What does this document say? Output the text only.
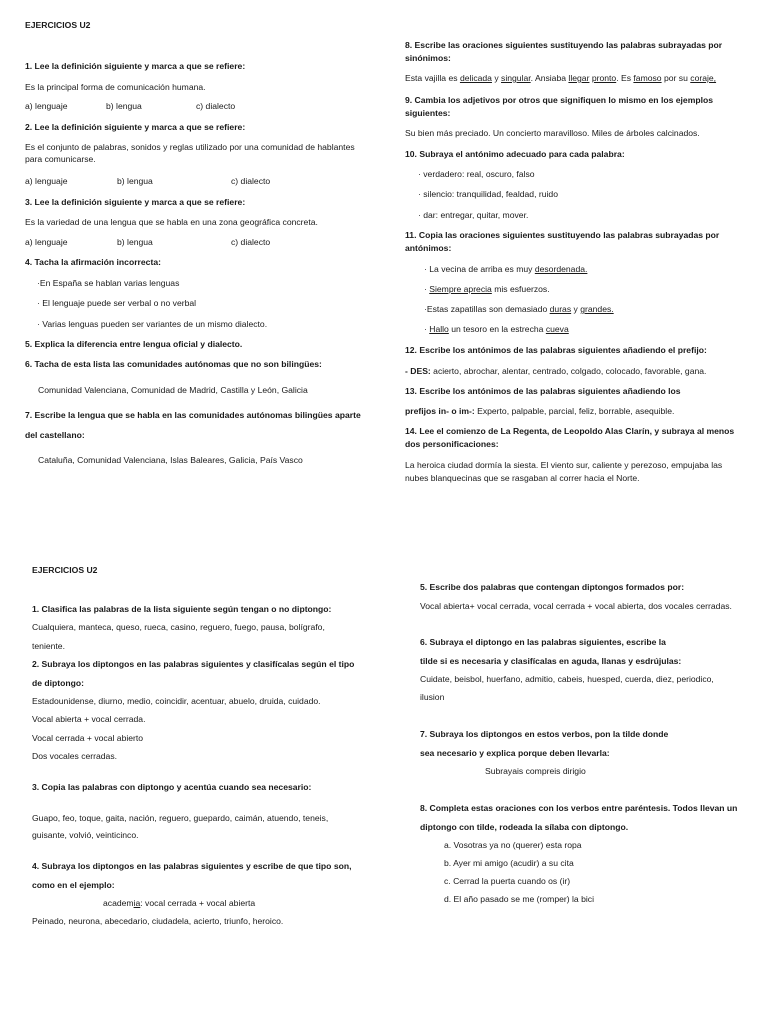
EJERCICIOS U2
1. Lee la definición siguiente y marca a que se refiere:
Es la principal forma de comunicación humana.
a) lenguaje	b) lengua	c) dialecto
2. Lee la definición siguiente y marca a que se refiere:
Es el conjunto de palabras, sonidos y reglas utilizado por una comunidad de hablantes para comunicarse.
a) lenguaje	b) lengua	c) dialecto
3. Lee la definición siguiente y marca a que se refiere:
Es la variedad de una lengua que se habla en una zona geográfica concreta.
a) lenguaje	b) lengua	c) dialecto
4. Tacha la afirmación incorrecta:
·En España se hablan varias lenguas
· El lenguaje puede ser verbal o no verbal
· Varias lenguas pueden ser variantes de un mismo dialecto.
5. Explica la diferencia entre lengua oficial y dialecto.
6. Tacha de esta lista las comunidades autónomas que no son bilingües:
Comunidad Valenciana, Comunidad de Madrid, Castilla y León, Galicia
7. Escribe la lengua que se habla en las comunidades autónomas bilingües aparte
del castellano:
Cataluña, Comunidad Valenciana, Islas Baleares, Galicia, País Vasco
8. Escribe las oraciones siguientes sustituyendo las palabras subrayadas por
sinónimos:
Esta vajilla es delicada y singular. Ansiaba llegar pronto. Es famoso por su coraje,
9. Cambia los adjetivos por otros que signifiquen lo mismo en los ejemplos
siguientes:
Su bien más preciado. Un concierto maravilloso. Miles de árboles calcinados.
10. Subraya el antónimo adecuado para cada palabra:
· verdadero: real, oscuro, falso
· silencio: tranquilidad, fealdad, ruido
· dar: entregar, quitar, mover.
11. Copia las oraciones siguientes sustituyendo las palabras subrayadas por
antónimos:
· La vecina de arriba es muy desordenada.
· Siempre aprecia mis esfuerzos.
·Estas zapatillas son demasiado duras y grandes.
· Hallo un tesoro en la estrecha cueva
12. Escribe los antónimos de las palabras siguientes añadiendo el prefijo:
- DES: acierto, abrochar, alentar, centrado, colgado, colocado, favorable, gana.
13. Escribe los antónimos de las palabras siguientes añadiendo los
prefijos in- o im-: Experto, palpable, parcial, feliz, borrable, asequible.
14. Lee el comienzo de La Regenta, de Leopoldo Alas Clarín, y subraya al menos
dos personificaciones:
La heroica ciudad dormía la siesta. El viento sur, caliente y perezoso, empujaba las
nubes blanquecinas que se rasgaban al correr hacia el Norte.
EJERCICIOS U2
1. Clasifica las palabras de la lista siguiente según tengan o no diptongo:
Cualquiera, manteca, queso, rueca, casino, reguero, fuego, pausa, bolígrafo,
teniente.
2. Subraya los diptongos en las palabras siguientes y clasifícalas según el tipo
de diptongo:
Estadounidense, diurno, medio, coincidir, acentuar, abuelo, druida, cuidado.
Vocal abierta + vocal cerrada.
Vocal cerrada + vocal abierto
Dos vocales cerradas.
3. Copia las palabras con diptongo y acentúa cuando sea necesario:
Guapo, feo, toque, gaita, nación, reguero, guepardo, caimán, atuendo, teneis,
guisante, volvió, veinticinco.
4. Subraya los diptongos en las palabras siguientes y escribe de que tipo son,
como en el ejemplo:
academia: vocal cerrada + vocal abierta
Peinado, neurona, abecedario, ciudadela, acierto, triunfo, heroico.
5. Escribe dos palabras que contengan diptongos formados por:
Vocal abierta+ vocal cerrada, vocal cerrada + vocal abierta, dos vocales cerradas.
6. Subraya el diptongo en las palabras siguientes, escribe la
tilde si es necesaria y clasifícalas en aguda, llanas y esdrújulas:
Cuidate, beisbol, huerfano, admitio, cabeis, huesped, cuerda, diez, periodico,
ilusion
7. Subraya los diptongos en estos verbos, pon la tilde donde
sea necesario y explica porque deben llevarla:
Subrayais compreis dirigio
8. Completa estas oraciones con los verbos entre paréntesis. Todos llevan un
diptongo con tilde, rodeada la sílaba con diptongo.
a. Vosotras ya no (querer) esta ropa
b. Ayer mi amigo (acudir) a su cita
c. Cerrad la puerta cuando os (ir)
d. El año pasado se me (romper) la bici
